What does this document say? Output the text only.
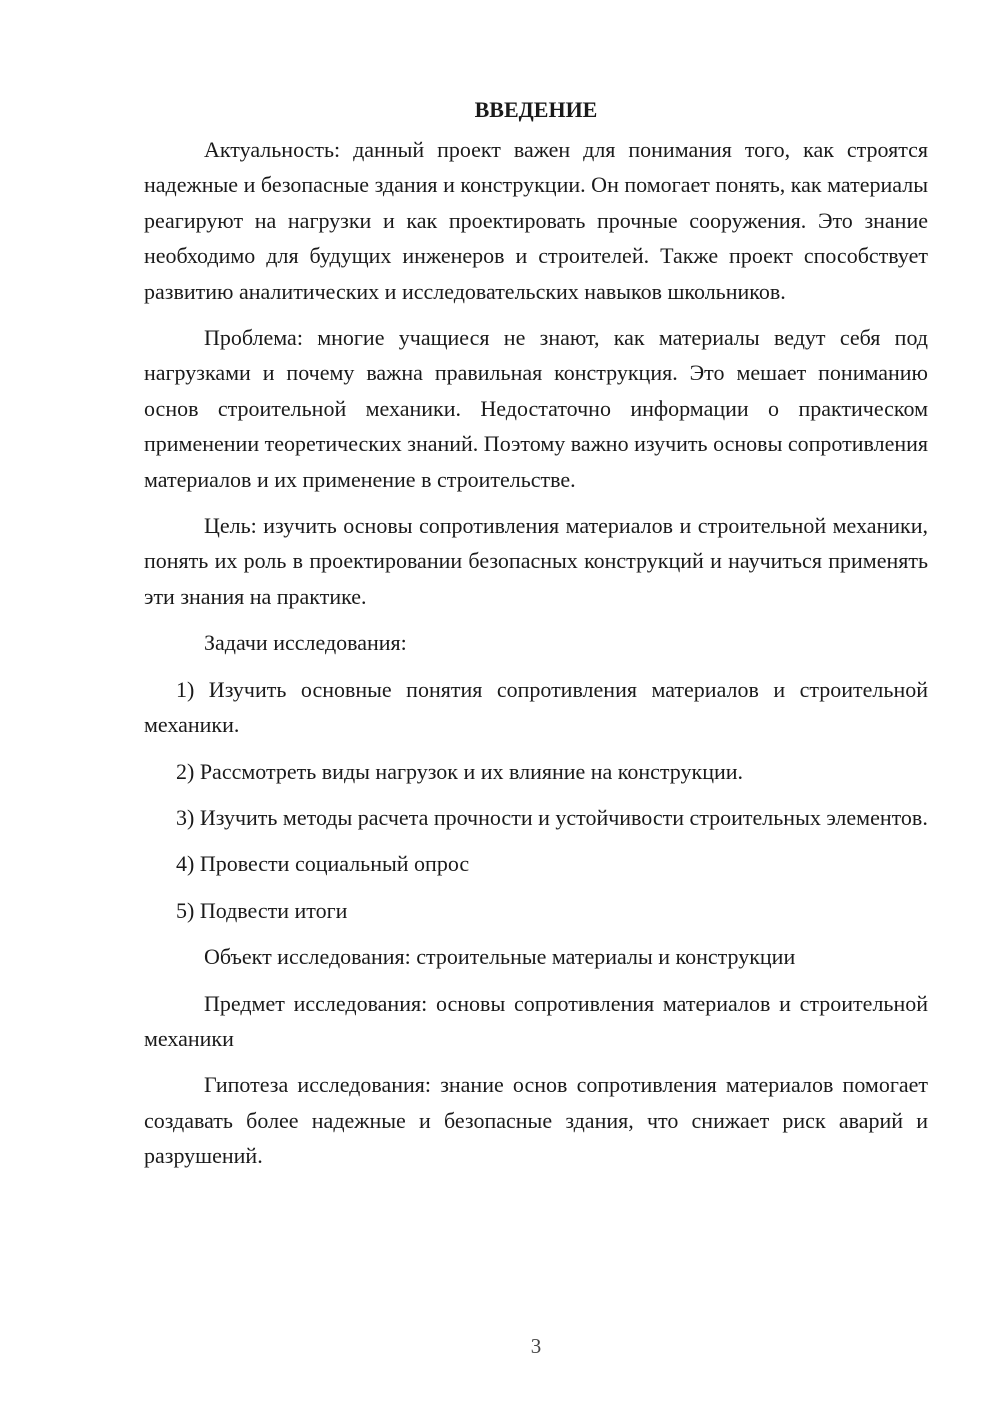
ВВЕДЕНИЕ

Актуальность: данный проект важен для понимания того, как строятся надежные и безопасные здания и конструкции. Он помогает понять, как материалы реагируют на нагрузки и как проектировать прочные сооружения. Это знание необходимо для будущих инженеров и строителей. Также проект способствует развитию аналитических и исследовательских навыков школьников.

Проблема: многие учащиеся не знают, как материалы ведут себя под нагрузками и почему важна правильная конструкция. Это мешает пониманию основ строительной механики. Недостаточно информации о практическом применении теоретических знаний. Поэтому важно изучить основы сопротивления материалов и их применение в строительстве.

Цель: изучить основы сопротивления материалов и строительной механики, понять их роль в проектировании безопасных конструкций и научиться применять эти знания на практике.

Задачи исследования:

1) Изучить основные понятия сопротивления материалов и строительной механики.

2) Рассмотреть виды нагрузок и их влияние на конструкции.

3) Изучить методы расчета прочности и устойчивости строительных элементов.

4) Провести социальный опрос

5) Подвести итоги

Объект исследования: строительные материалы и конструкции

Предмет исследования: основы сопротивления материалов и строительной механики

Гипотеза исследования: знание основ сопротивления материалов помогает создавать более надежные и безопасные здания, что снижает риск аварий и разрушений.

3
